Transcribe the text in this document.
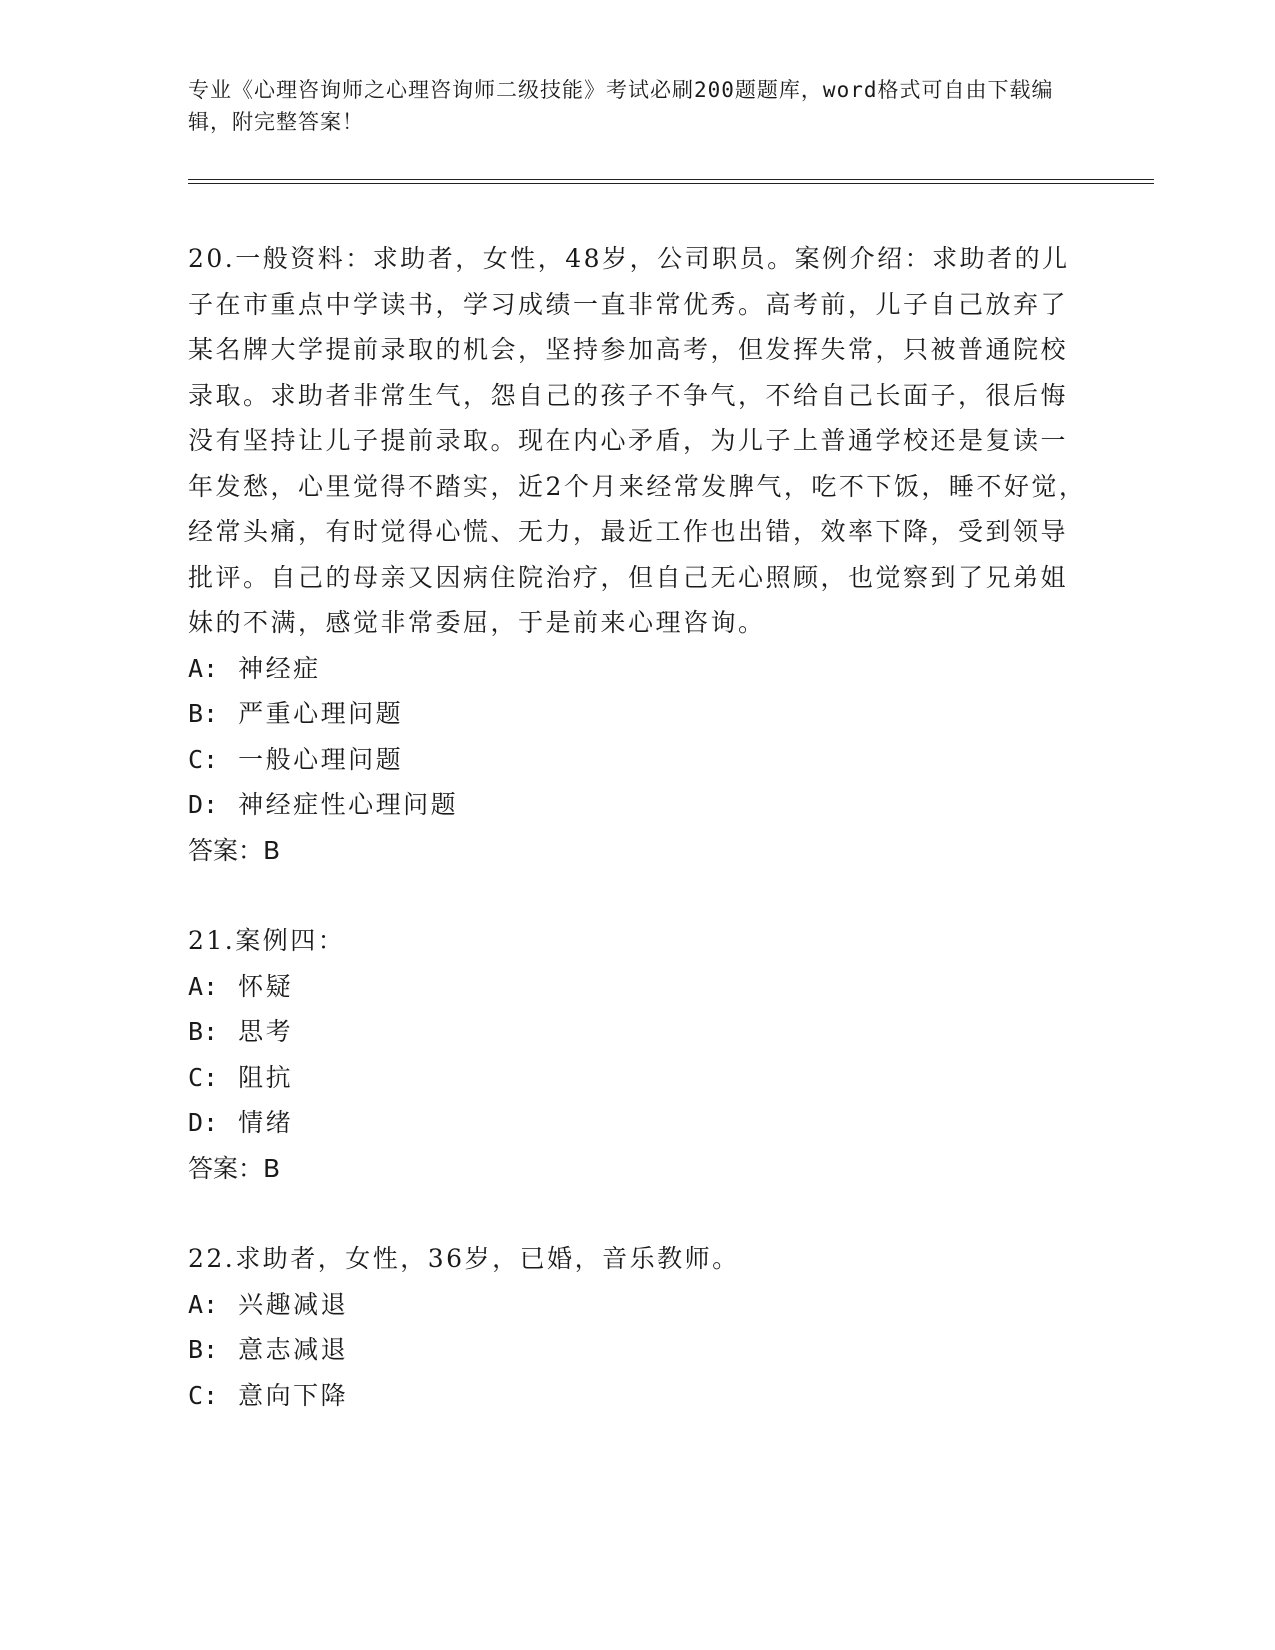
专业《心理咨询师之心理咨询师二级技能》考试必刷200题题库，word格式可自由下载编辑，附完整答案！
20.一般资料：求助者，女性，48岁，公司职员。案例介绍：求助者的儿子在市重点中学读书，学习成绩一直非常优秀。高考前，儿子自己放弃了某名牌大学提前录取的机会，坚持参加高考，但发挥失常，只被普通院校录取。求助者非常生气，怨自己的孩子不争气，不给自己长面子，很后悔没有坚持让儿子提前录取。现在内心矛盾，为儿子上普通学校还是复读一年发愁，心里觉得不踏实，近2个月来经常发脾气，吃不下饭，睡不好觉，经常头痛，有时觉得心慌、无力，最近工作也出错，效率下降，受到领导批评。自己的母亲又因病住院治疗，但自己无心照顾，也觉察到了兄弟姐妹的不满，感觉非常委屈，于是前来心理咨询。
A: 神经症
B: 严重心理问题
C: 一般心理问题
D: 神经症性心理问题
答案：B
21.案例四：
A: 怀疑
B: 思考
C: 阻抗
D: 情绪
答案：B
22.求助者，女性，36岁，已婚，音乐教师。
A: 兴趣减退
B: 意志减退
C: 意向下降
